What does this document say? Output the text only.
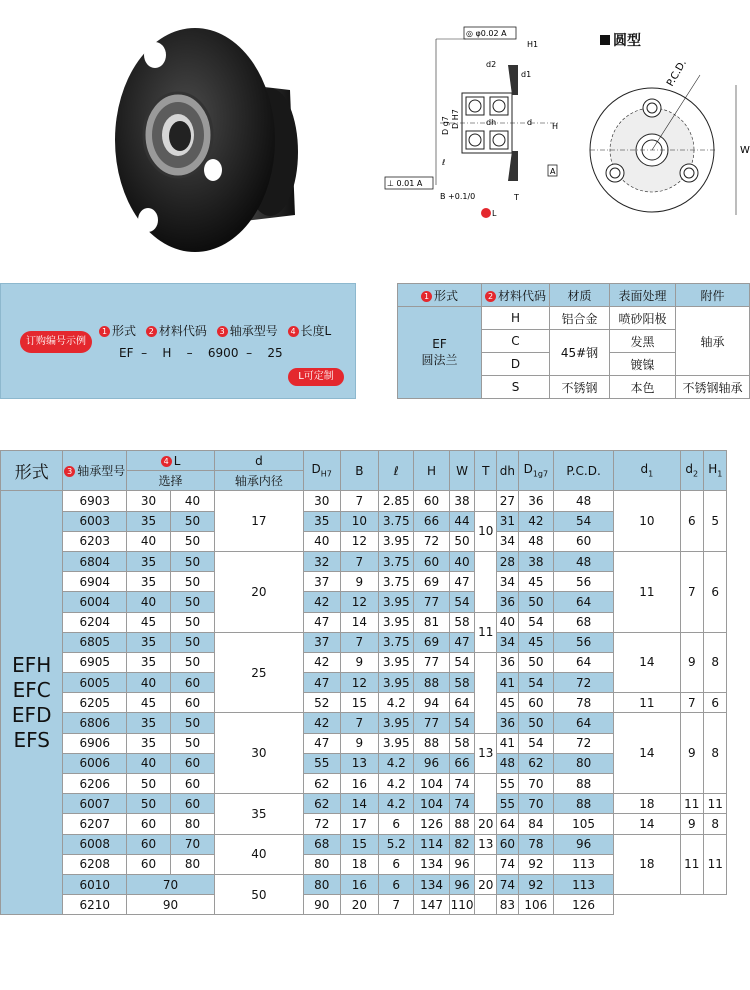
◎ φ0.02 A
H1
d2
d1
D g7 D H7	dh	d H
ℓ
B +0.1/0
L
T
A
⊥ 0.01 A
圆型
P.C.D.
W
订购编号示例
1 形式 2 材料代码 3 轴承型号 4 长度L
EF  –    H    –    6900  –    25
L可定制
1 形式	2 材料代码	材质	表面处理	附件

EF
圆法兰	H	铝合金	喷砂阳极	轴承
	C	45#钢	发黑	
	D		镀镍	
	S	不锈钢	本色	不锈钢轴承
形式	3 轴承型号	4 L		d	$D_{H7}$	B	ℓ	H	W	T	dh	$D_{1g7}$	P.C.D.	$d_1$	$d_2$	$H_1$
		选择		轴承内径												

EFH
EFC
EFD
EFS	6903	30	40	17	30	7	2.85	60	38		27	36	48	10	6	5
	6003	35	50		35	10	3.75	66	44	10	31	42	54			
	6203	40	50		40	12	3.95	72	50		34	48	60			
	6804	35	50	20	32	7	3.75	60	40		28	38	48	11	7	6
	6904	35	50		37	9	3.75	69	47		34	45	56			
	6004	40	50		42	12	3.95	77	54		36	50	64			
	6204	45	50		47	14	3.95	81	58	11	40	54	68			
	6805	35	50	25	37	7	3.75	69	47		34	45	56	14	9	8
	6905	35	50		42	9	3.95	77	54		36	50	64			
	6005	40	60		47	12	3.95	88	58		41	54	72			
	6205	45	60		52	15	4.2	94	64		45	60	78	11	7	6
	6806	35	50	30	42	7	3.95	77	54		36	50	64	14	9	8
	6906	35	50		47	9	3.95	88	58	13	41	54	72			
	6006	40	60		55	13	4.2	96	66		48	62	80			
	6206	50	60		62	16	4.2	104	74		55	70	88			
	6007	50	60	35	62	14	4.2	104	74		55	70	88	18	11	11
	6207	60	80		72	17	6	126	88	20	64	84	105	14	9	8
	6008	60	70	40	68	15	5.2	114	82	13	60	78	96	18	11	11
	6208	60	80		80	18	6	134	96		74	92	113			
	6010	70		50	80	16	6	134	96	20	74	92	113			
	6210	90			90	20	7	147	110		83	106	126			
